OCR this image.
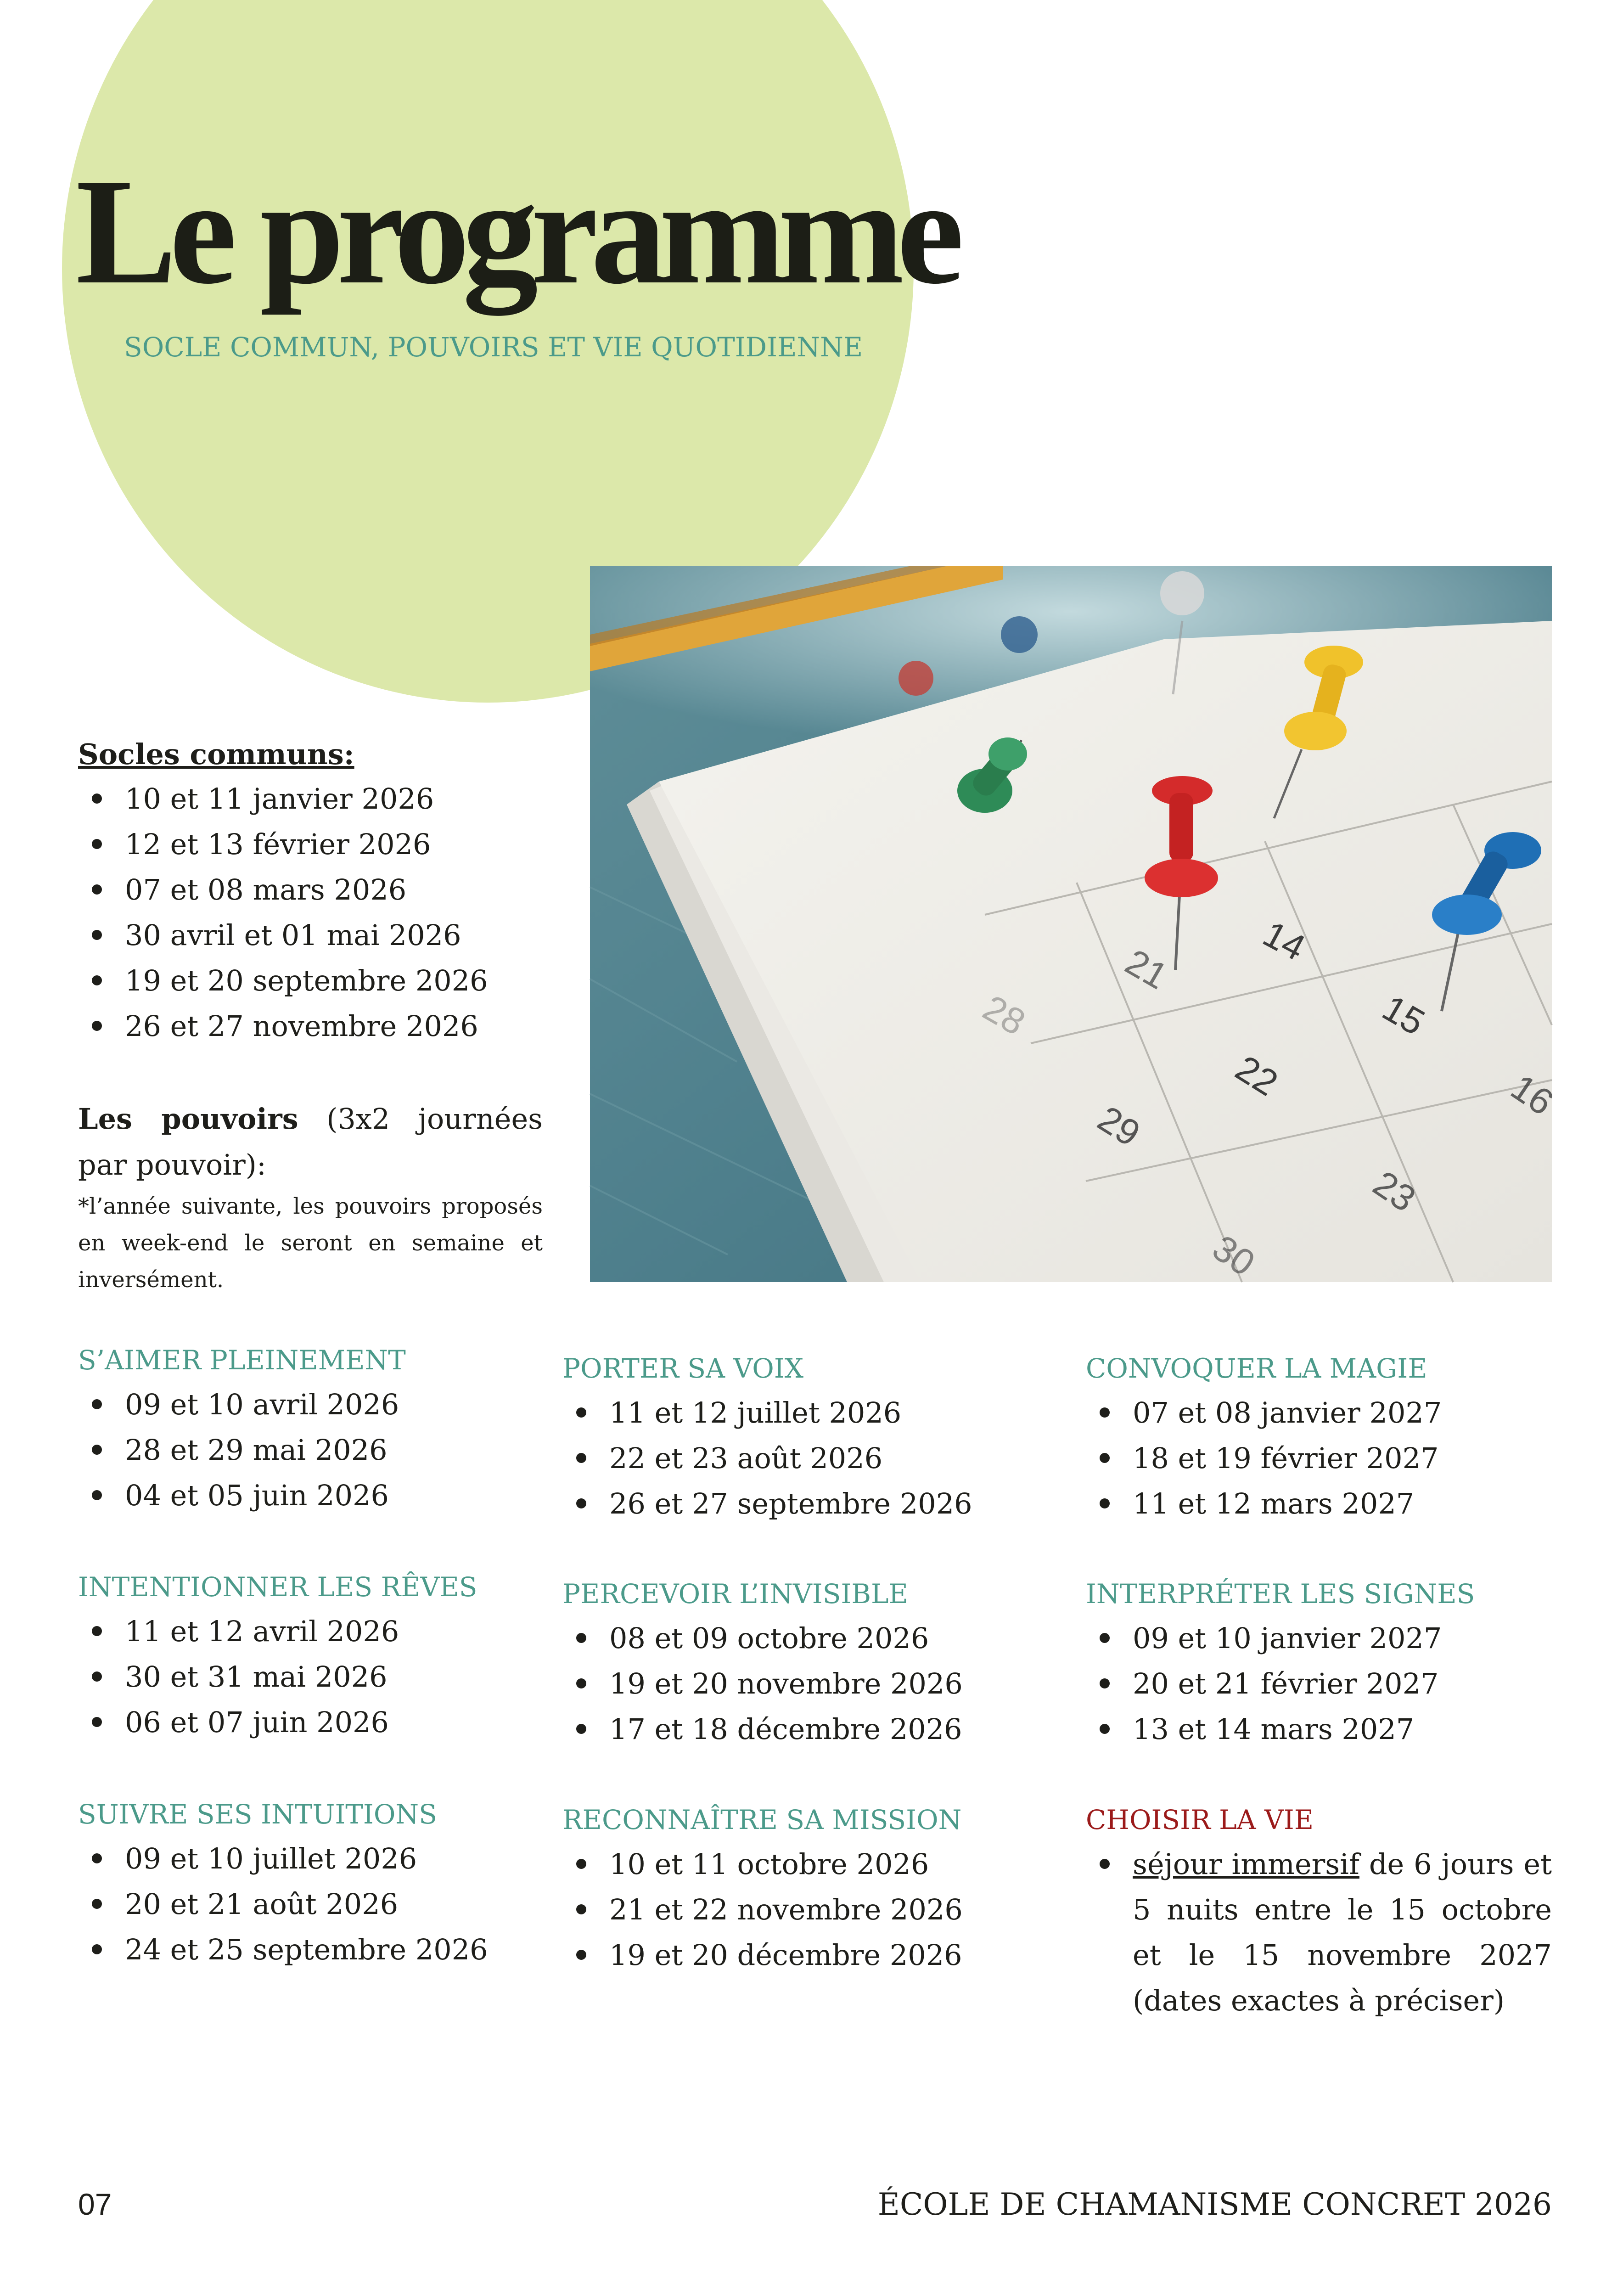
Le programme
SOCLE COMMUN, POUVOIRS ET VIE QUOTIDIENNE
14
21
15
22
29
23
30
28
16
Socles communs:
10 et 11 janvier 2026
12 et 13 février 2026
07 et 08 mars 2026
30 avril et 01 mai 2026
19 et 20 septembre 2026
26 et 27 novembre 2026
Les pouvoirs (3x2 journées par pouvoir):
*l’année suivante, les pouvoirs proposés en week-end le seront en semaine et inversément.
S’AIMER PLEINEMENT
09 et 10 avril 2026
28 et 29 mai 2026
04 et 05 juin 2026
INTENTIONNER LES RÊVES
11 et 12 avril 2026
30 et 31 mai 2026
06 et 07 juin 2026
SUIVRE SES INTUITIONS
09 et 10 juillet 2026
20 et 21 août 2026
24 et 25 septembre 2026
PORTER SA VOIX
11 et 12 juillet 2026
22 et 23 août 2026
26 et 27 septembre 2026
PERCEVOIR L’INVISIBLE
08 et 09 octobre 2026
19 et 20 novembre 2026
17 et 18 décembre 2026
RECONNAÎTRE SA MISSION
10 et 11 octobre 2026
21 et 22 novembre 2026
19 et 20 décembre 2026
CONVOQUER LA MAGIE
07 et 08 janvier 2027
18 et 19 février 2027
11 et 12 mars 2027
INTERPRÉTER LES SIGNES
09 et 10 janvier 2027
20 et 21 février 2027
13 et 14 mars 2027
CHOISIR LA VIE
séjour immersif de 6 jours et 5 nuits entre le 15 octobre et le 15 novembre 2027 (dates exactes à préciser)
07	ÉCOLE DE CHAMANISME CONCRET 2026
